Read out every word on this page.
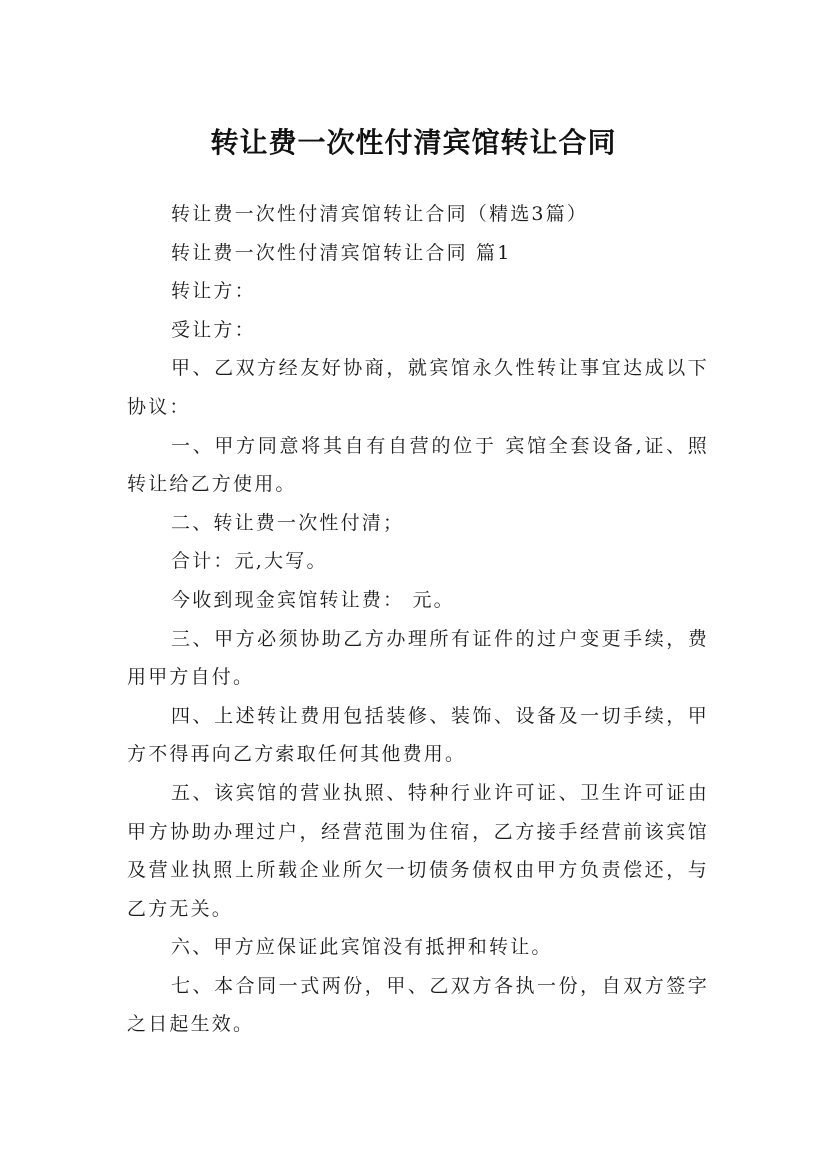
转让费一次性付清宾馆转让合同

转让费一次性付清宾馆转让合同（精选3篇）

转让费一次性付清宾馆转让合同 篇1

转让方：

受让方：

甲、乙双方经友好协商，就宾馆永久性转让事宜达成以下协议：

一、甲方同意将其自有自营的位于 宾馆全套设备,证、照转让给乙方使用。

二、转让费一次性付清；

合计：元,大写。

今收到现金宾馆转让费： 元。

三、甲方必须协助乙方办理所有证件的过户变更手续，费用甲方自付。

四、上述转让费用包括装修、装饰、设备及一切手续，甲方不得再向乙方索取任何其他费用。

五、该宾馆的营业执照、特种行业许可证、卫生许可证由甲方协助办理过户，经营范围为住宿，乙方接手经营前该宾馆及营业执照上所载企业所欠一切债务债权由甲方负责偿还，与乙方无关。

六、甲方应保证此宾馆没有抵押和转让。

七、本合同一式两份，甲、乙双方各执一份，自双方签字之日起生效。
